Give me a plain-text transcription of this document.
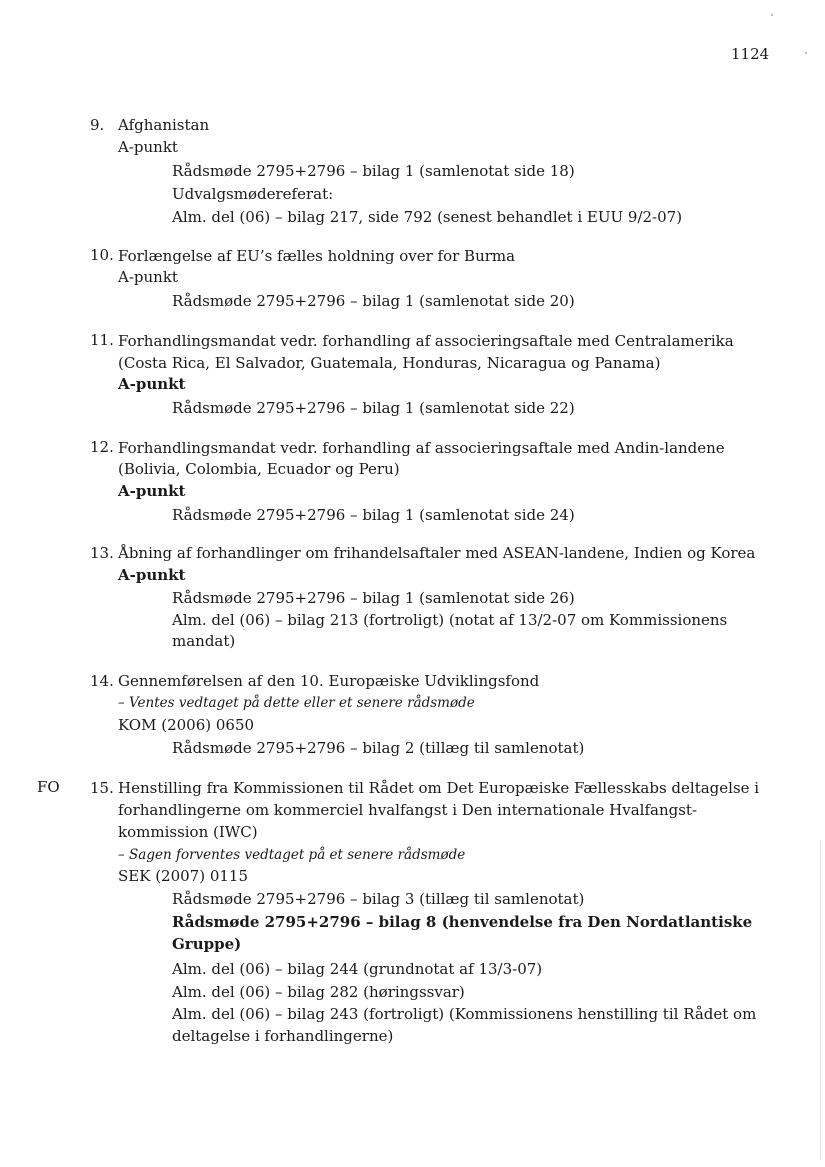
1124
9. Afghanistan
A-punkt
Rådsmøde 2795+2796 – bilag 1 (samlenotat side 18)
Udvalgsmødereferat:
Alm. del (06) – bilag 217, side 792 (senest behandlet i EUU 9/2-07)
10. Forlængelse af EU’s fælles holdning over for Burma
A-punkt
Rådsmøde 2795+2796 – bilag 1 (samlenotat side 20)
11. Forhandlingsmandat vedr. forhandling af associeringsaftale med Centralamerika
(Costa Rica, El Salvador, Guatemala, Honduras, Nicaragua og Panama)
A-punkt
Rådsmøde 2795+2796 – bilag 1 (samlenotat side 22)
12. Forhandlingsmandat vedr. forhandling af associeringsaftale med Andin-landene
(Bolivia, Colombia, Ecuador og Peru)
A-punkt
Rådsmøde 2795+2796 – bilag 1 (samlenotat side 24)
13. Åbning af forhandlinger om frihandelsaftaler med ASEAN-landene, Indien og Korea
A-punkt
Rådsmøde 2795+2796 – bilag 1 (samlenotat side 26)
Alm. del (06) – bilag 213 (fortroligt) (notat af 13/2-07 om Kommissionens
mandat)
14. Gennemførelsen af den 10. Europæiske Udviklingsfond
– Ventes vedtaget på dette eller et senere rådsmøde
KOM (2006) 0650
Rådsmøde 2795+2796 – bilag 2 (tillæg til samlenotat)
FO 15. Henstilling fra Kommissionen til Rådet om Det Europæiske Fællesskabs deltagelse i
forhandlingerne om kommerciel hvalfangst i Den internationale Hvalfangst-
kommission (IWC)
– Sagen forventes vedtaget på et senere rådsmøde
SEK (2007) 0115
Rådsmøde 2795+2796 – bilag 3 (tillæg til samlenotat)
Rådsmøde 2795+2796 – bilag 8 (henvendelse fra Den Nordatlantiske
Gruppe)
Alm. del (06) – bilag 244 (grundnotat af 13/3-07)
Alm. del (06) – bilag 282 (høringssvar)
Alm. del (06) – bilag 243 (fortroligt) (Kommissionens henstilling til Rådet om
deltagelse i forhandlingerne)
